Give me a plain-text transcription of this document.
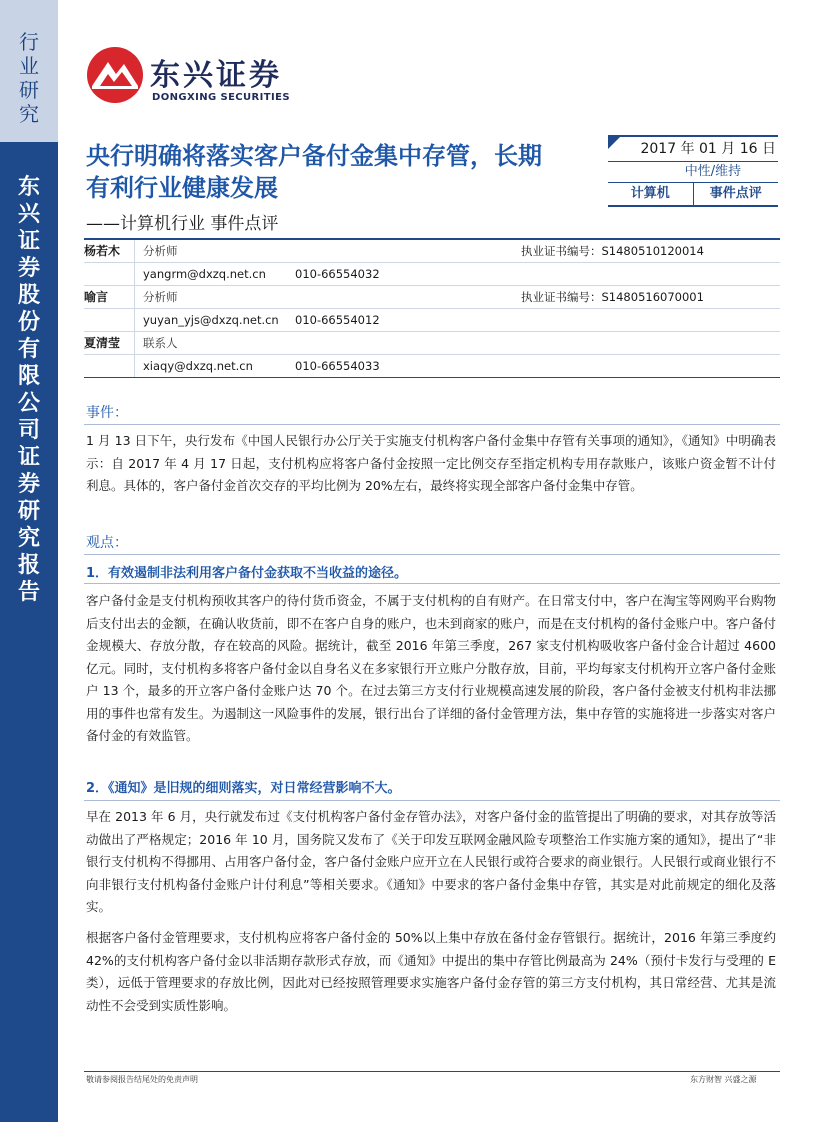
行
业
研
究
东
兴
证
券
股
份
有
限
公
司
证
券
研
究
报
告
东兴证券
DONGXING SECURITIES
央行明确将落实客户备付金集中存管，长期有利行业健康发展
——计算机行业 事件点评
2017 年 01 月 16 日
中性/维持
计算机	事件点评
杨若木	分析师	执业证书编号：S1480510120014
yangrm@dxzq.net.cn	010-66554032
喻言	分析师	执业证书编号：S1480516070001
yuyan_yjs@dxzq.net.cn 010-66554012
夏清莹	联系人
xiaqy@dxzq.net.cn	010-66554033
事件：
1 月 13 日下午，央行发布《中国人民银行办公厅关于实施支付机构客户备付金集中存管有关事项的通知》，《通知》中明确表示：自 2017 年 4 月 17 日起，支付机构应将客户备付金按照一定比例交存至指定机构专用存款账户，该账户资金暂不计付利息。具体的，客户备付金首次交存的平均比例为 20%左右，最终将实现全部客户备付金集中存管。
观点：
1．有效遏制非法利用客户备付金获取不当收益的途径。
客户备付金是支付机构预收其客户的待付货币资金，不属于支付机构的自有财产。在日常支付中，客户在淘宝等网购平台购物后支付出去的金额，在确认收货前，即不在客户自身的账户，也未到商家的账户，而是在支付机构的备付金账户中。客户备付金规模大、存放分散，存在较高的风险。据统计，截至 2016 年第三季度，267 家支付机构吸收客户备付金合计超过 4600 亿元。同时，支付机构多将客户备付金以自身名义在多家银行开立账户分散存放，目前，平均每家支付机构开立客户备付金账户 13 个，最多的开立客户备付金账户达 70 个。在过去第三方支付行业规模高速发展的阶段，客户备付金被支付机构非法挪用的事件也常有发生。为遏制这一风险事件的发展，银行出台了详细的备付金管理方法，集中存管的实施将进一步落实对客户备付金的有效监管。
2．《通知》是旧规的细则落实，对日常经营影响不大。
早在 2013 年 6 月，央行就发布过《支付机构客户备付金存管办法》，对客户备付金的监管提出了明确的要求，对其存放等活动做出了严格规定；2016 年 10 月，国务院又发布了《关于印发互联网金融风险专项整治工作实施方案的通知》，提出了“非银行支付机构不得挪用、占用客户备付金，客户备付金账户应开立在人民银行或符合要求的商业银行。人民银行或商业银行不向非银行支付机构备付金账户计付利息”等相关要求。《通知》中要求的客户备付金集中存管，其实是对此前规定的细化及落实。
根据客户备付金管理要求，支付机构应将客户备付金的 50%以上集中存放在备付金存管银行。据统计，2016 年第三季度约 42%的支付机构客户备付金以非活期存款形式存放，而《通知》中提出的集中存管比例最高为 24%（预付卡发行与受理的 E 类），远低于管理要求的存放比例，因此对已经按照管理要求实施客户备付金存管的第三方支付机构，其日常经营、尤其是流动性不会受到实质性影响。
敬请参阅报告结尾处的免责声明	东方财智 兴盛之源
